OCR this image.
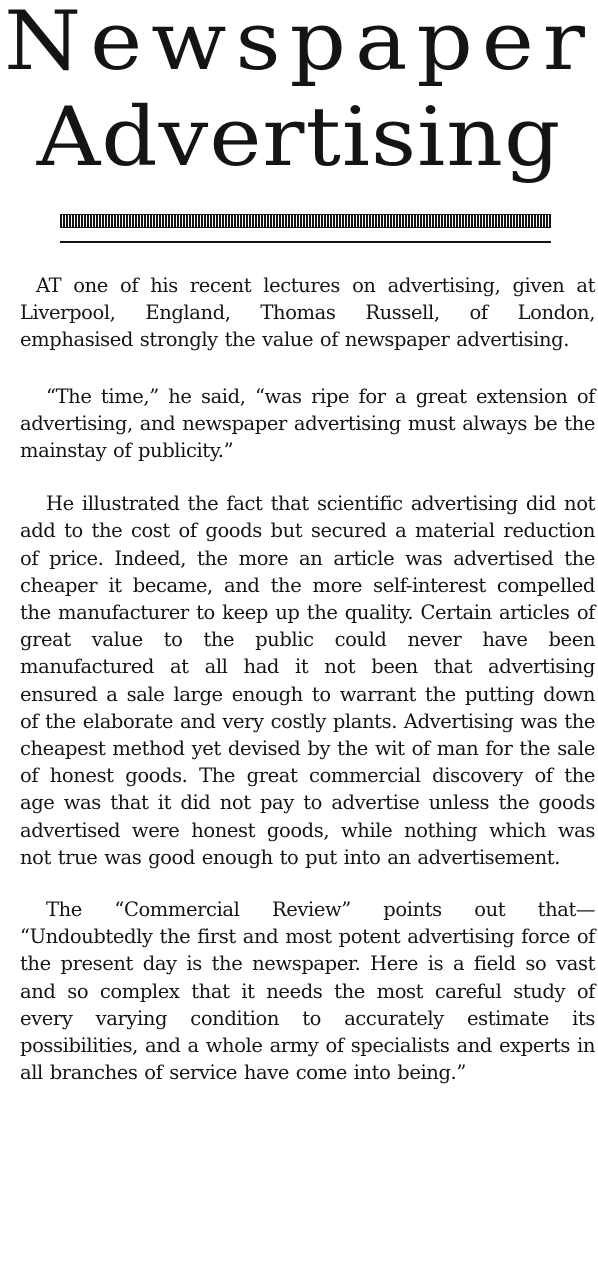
Newspaper
Advertising

AT one of his recent lectures on advertising, given at Liverpool, England, Thomas Russell, of London, emphasised strongly the value of newspaper advertising.

“The time,” he said, “was ripe for a great extension of advertising, and newspaper advertising must always be the mainstay of publicity.”

He illustrated the fact that scientific advertising did not add to the cost of goods but secured a material reduction of price. Indeed, the more an article was advertised the cheaper it became, and the more self-interest compelled the manufacturer to keep up the quality. Certain articles of great value to the public could never have been manufactured at all had it not been that advertising ensured a sale large enough to warrant the putting down of the elaborate and very costly plants. Advertising was the cheapest method yet devised by the wit of man for the sale of honest goods. The great commercial discovery of the age was that it did not pay to advertise unless the goods advertised were honest goods, while nothing which was not true was good enough to put into an advertisement.

The “Commercial Review” points out that— “Undoubtedly the first and most potent advertising force of the present day is the newspaper. Here is a field so vast and so complex that it needs the most careful study of every varying condition to accurately estimate its possibilities, and a whole army of specialists and experts in all branches of service have come into being.”
